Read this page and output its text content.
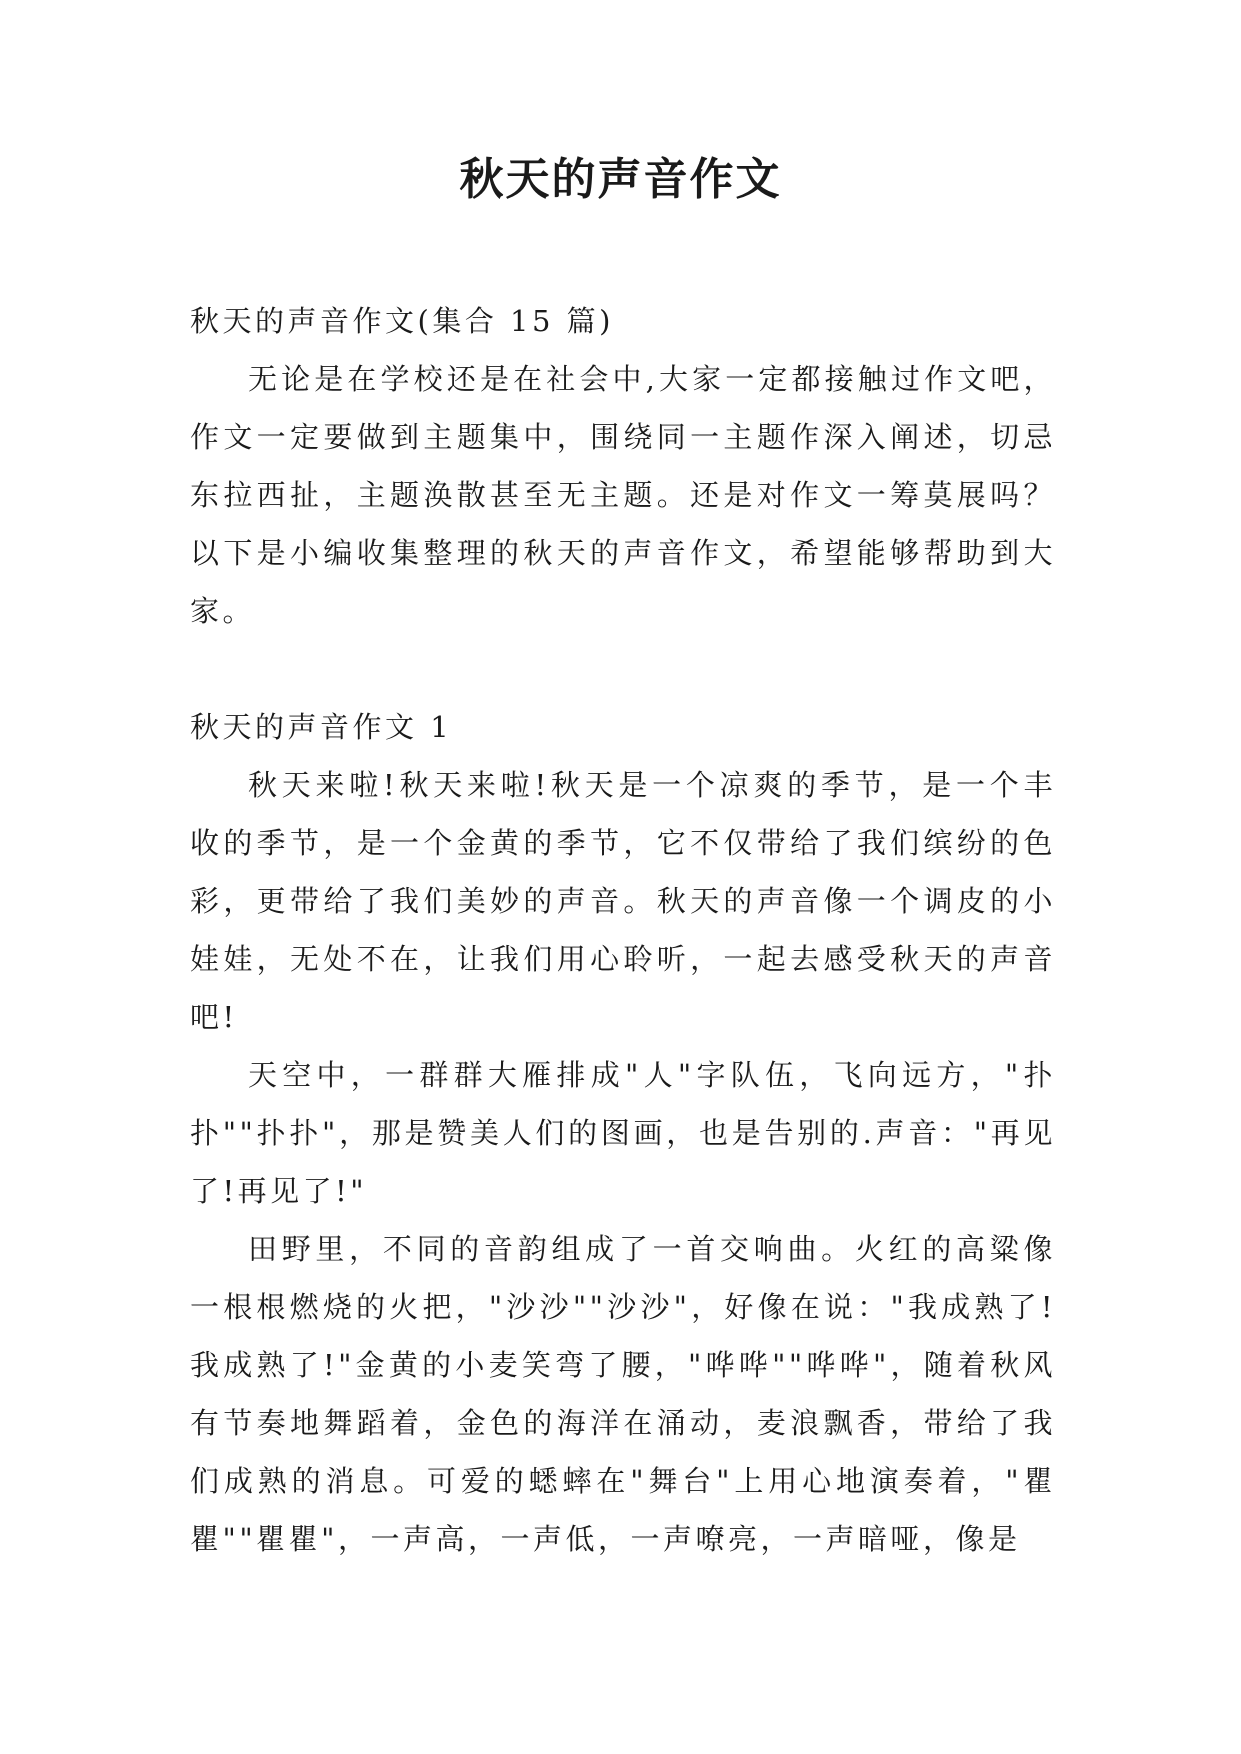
秋天的声音作文

秋天的声音作文(集合 15 篇)

无论是在学校还是在社会中,大家一定都接触过作文吧，作文一定要做到主题集中，围绕同一主题作深入阐述，切忌东拉西扯，主题涣散甚至无主题。还是对作文一筹莫展吗？以下是小编收集整理的秋天的声音作文，希望能够帮助到大家。

秋天的声音作文 1

秋天来啦!秋天来啦!秋天是一个凉爽的季节，是一个丰收的季节，是一个金黄的季节，它不仅带给了我们缤纷的色彩，更带给了我们美妙的声音。秋天的声音像一个调皮的小娃娃，无处不在，让我们用心聆听，一起去感受秋天的声音吧!

天空中，一群群大雁排成"人"字队伍，飞向远方，"扑扑""扑扑"，那是赞美人们的图画，也是告别的.声音："再见了!再见了!"

田野里，不同的音韵组成了一首交响曲。火红的高粱像一根根燃烧的火把，"沙沙""沙沙"，好像在说："我成熟了!我成熟了!"金黄的小麦笑弯了腰，"哗哗""哗哗"，随着秋风有节奏地舞蹈着，金色的海洋在涌动，麦浪飘香，带给了我们成熟的消息。可爱的蟋蟀在"舞台"上用心地演奏着，"瞿瞿""瞿瞿"，一声高，一声低，一声嘹亮，一声暗哑，像是
